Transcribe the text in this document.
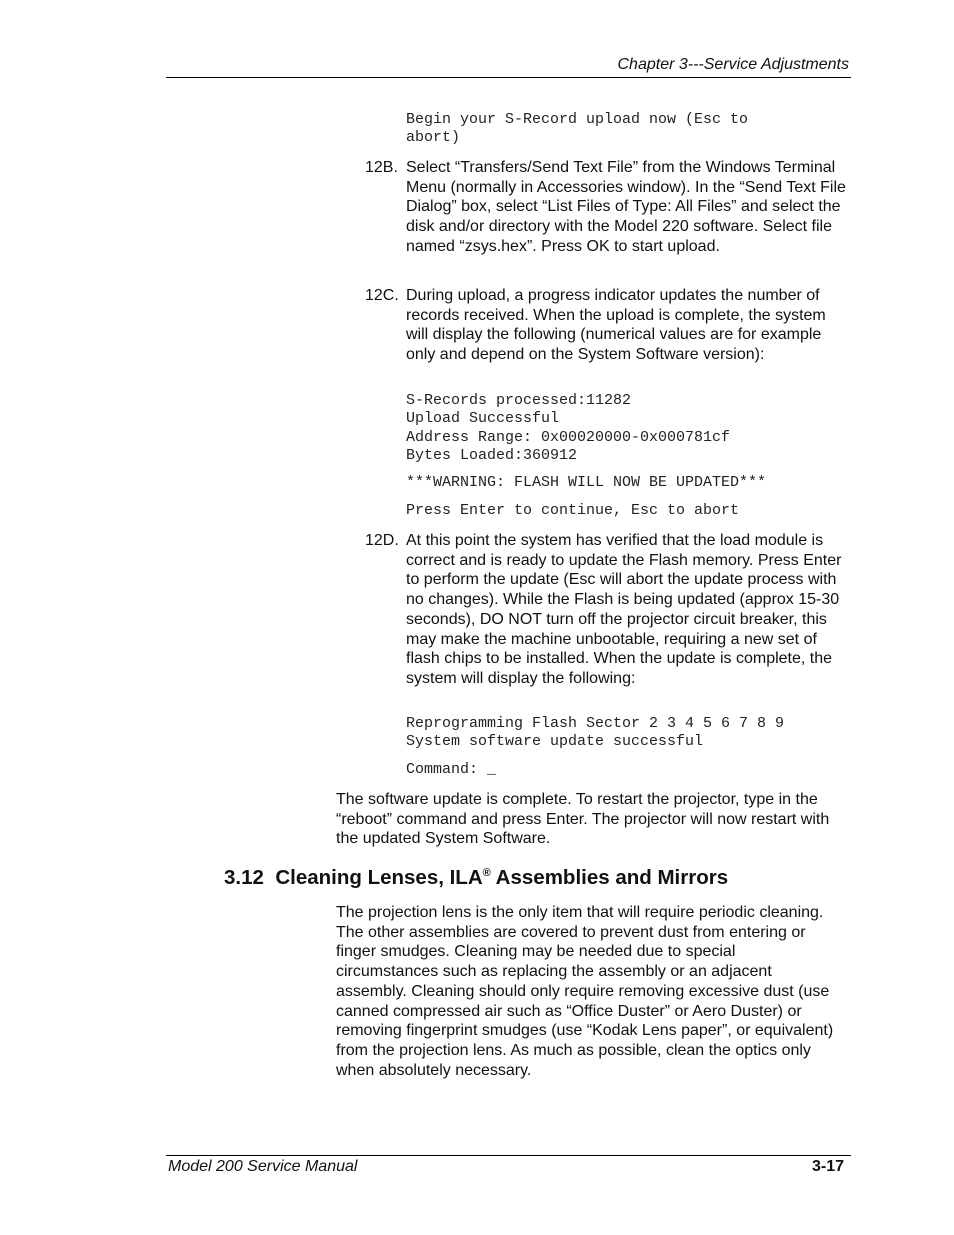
Chapter 3---Service Adjustments
Begin your S-Record upload now (Esc to
abort)
12B. Select “Transfers/Send Text File” from the Windows Terminal Menu (normally in Accessories window). In the “Send Text File Dialog” box, select “List Files of Type: All Files” and select the disk and/or directory with the Model 220 software. Select file named “zsys.hex”. Press OK to start upload.
12C. During upload, a progress indicator updates the number of records received. When the upload is complete, the system will display the following (numerical values are for example only and depend on the System Software version):
S-Records processed:11282
Upload Successful
Address Range: 0x00020000-0x000781cf
Bytes Loaded:360912
***WARNING: FLASH WILL NOW BE UPDATED***
Press Enter to continue, Esc to abort
12D. At this point the system has verified that the load module is correct and is ready to update the Flash memory. Press Enter to perform the update (Esc will abort the update process with no changes). While the Flash is being updated (approx 15-30 seconds), DO NOT turn off the projector circuit breaker, this may make the machine unbootable, requiring a new set of flash chips to be installed. When the update is complete, the system will display the following:
Reprogramming Flash Sector 2 3 4 5 6 7 8 9
System software update successful
Command: _
The software update is complete. To restart the projector, type in the “reboot” command and press Enter. The projector will now restart with the updated System Software.
3.12 Cleaning Lenses, ILA® Assemblies and Mirrors
The projection lens is the only item that will require periodic cleaning. The other assemblies are covered to prevent dust from entering or finger smudges. Cleaning may be needed due to special circumstances such as replacing the assembly or an adjacent assembly. Cleaning should only require removing excessive dust (use canned compressed air such as “Office Duster” or Aero Duster) or removing fingerprint smudges (use “Kodak Lens paper”, or equivalent) from the projection lens. As much as possible, clean the optics only when absolutely necessary.
Model 200 Service Manual	3-17
